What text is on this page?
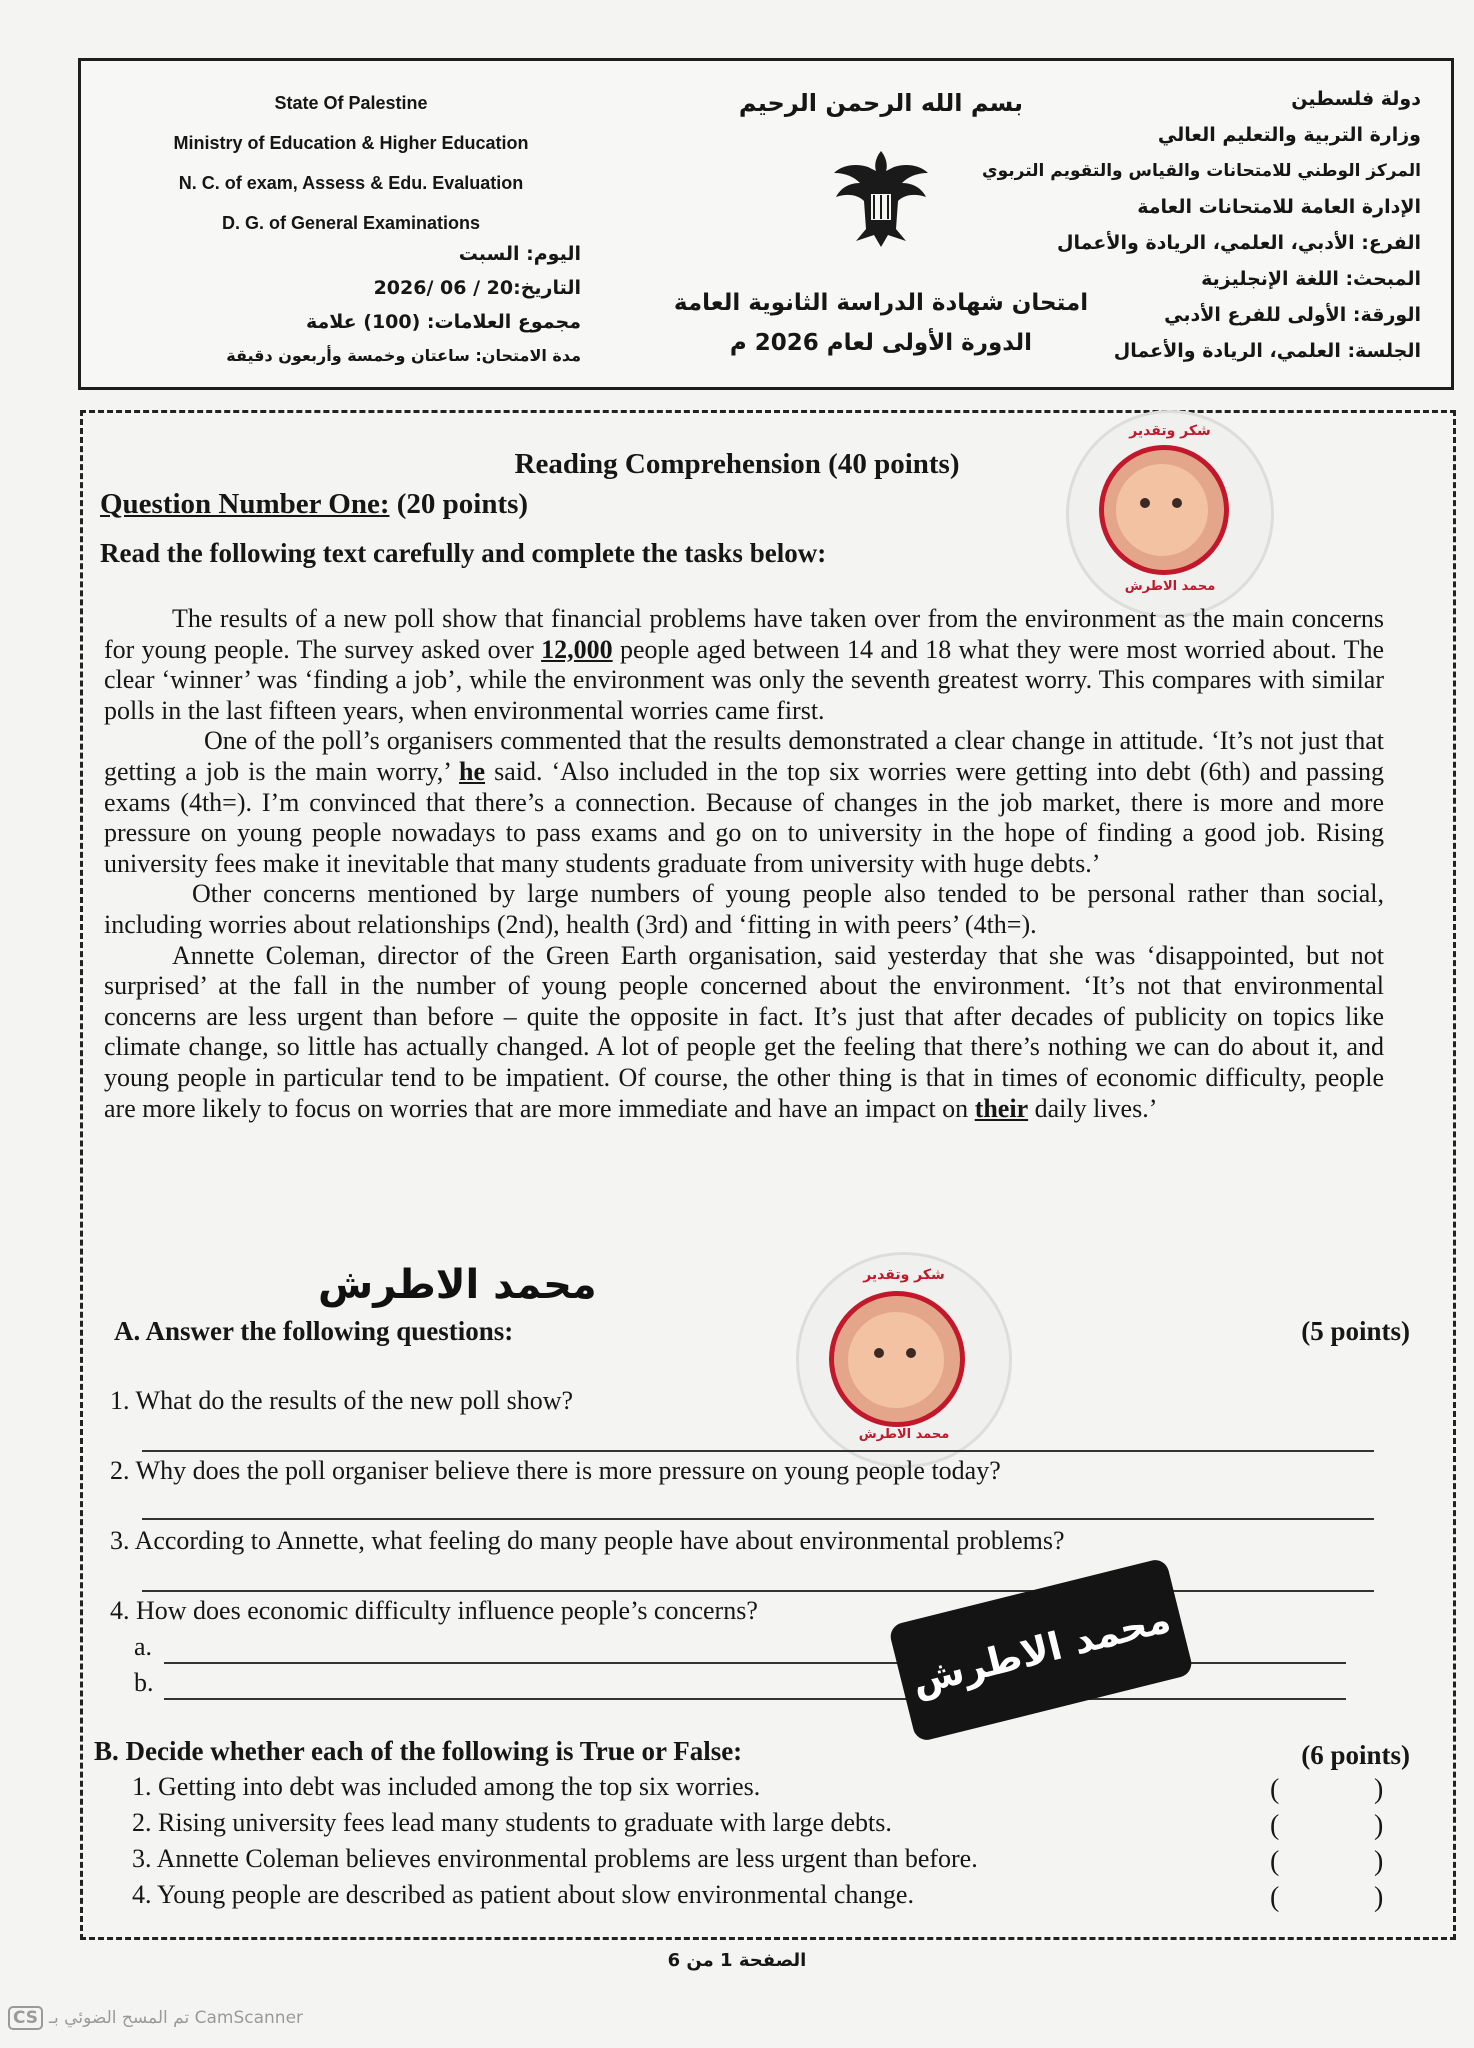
State Of Palestine
Ministry of Education & Higher Education
N. C. of exam, Assess & Edu. Evaluation
D. G. of General Examinations
اليوم: السبت
التاريخ:20 / 06 /2026
مجموع العلامات: (100) علامة
مدة الامتحان: ساعتان وخمسة وأربعون دقيقة
بسم الله الرحمن الرحيم
امتحان شهادة الدراسة الثانوية العامة
الدورة الأولى لعام 2026 م
دولة فلسطين
وزارة التربية والتعليم العالي
المركز الوطني للامتحانات والقياس والتقويم التربوي
الإدارة العامة للامتحانات العامة
الفرع: الأدبي، العلمي، الريادة والأعمال
المبحث: اللغة الإنجليزية
الورقة: الأولى للفرع الأدبي
الجلسة: العلمي، الريادة والأعمال
Reading Comprehension (40 points)
Question Number One: (20 points)
Read the following text carefully and complete the tasks below:
شكر وتقدير
محمد الاطرش

The results of a new poll show that financial problems have taken over from the environment as the main concerns for young people. The survey asked over 12,000 people aged between 14 and 18 what they were most worried about. The clear ‘winner’ was ‘finding a job’, while the environment was only the seventh greatest worry. This compares with similar polls in the last fifteen years, when environmental worries came first.

One of the poll’s organisers commented that the results demonstrated a clear change in attitude. ‘It’s not just that getting a job is the main worry,’ he said. ‘Also included in the top six worries were getting into debt (6th) and passing exams (4th=). I’m convinced that there’s a connection. Because of changes in the job market, there is more and more pressure on young people nowadays to pass exams and go on to university in the hope of finding a good job. Rising university fees make it inevitable that many students graduate from university with huge debts.’

Other concerns mentioned by large numbers of young people also tended to be personal rather than social, including worries about relationships (2nd), health (3rd) and ‘fitting in with peers’ (4th=).

Annette Coleman, director of the Green Earth organisation, said yesterday that she was ‘disappointed, but not surprised’ at the fall in the number of young people concerned about the environment. ‘It’s not that environmental concerns are less urgent than before – quite the opposite in fact. It’s just that after decades of publicity on topics like climate change, so little has actually changed. A lot of people get the feeling that there’s nothing we can do about it, and young people in particular tend to be impatient. Of course, the other thing is that in times of economic difficulty, people are more likely to focus on worries that are more immediate and have an impact on their daily lives.’

محمد الاطرش	شكر وتقدير
محمد الاطرش
A. Answer the following questions:	(5 points)
1. What do the results of the new poll show?
2. Why does the poll organiser believe there is more pressure on young people today?
3. According to Annette, what feeling do many people have about environmental problems?
4. How does economic difficulty influence people’s concerns?
a.
b.	محمد الاطرش
B. Decide whether each of the following is True or False:	(6 points)
1. Getting into debt was included among the top six worries.	(	)
2. Rising university fees lead many students to graduate with large debts.	(	)
3. Annette Coleman believes environmental problems are less urgent than before.	(	)
4. Young people are described as patient about slow environmental change.	(	)
الصفحة 1 من 6
CS تم المسح الضوئي بـ CamScanner
